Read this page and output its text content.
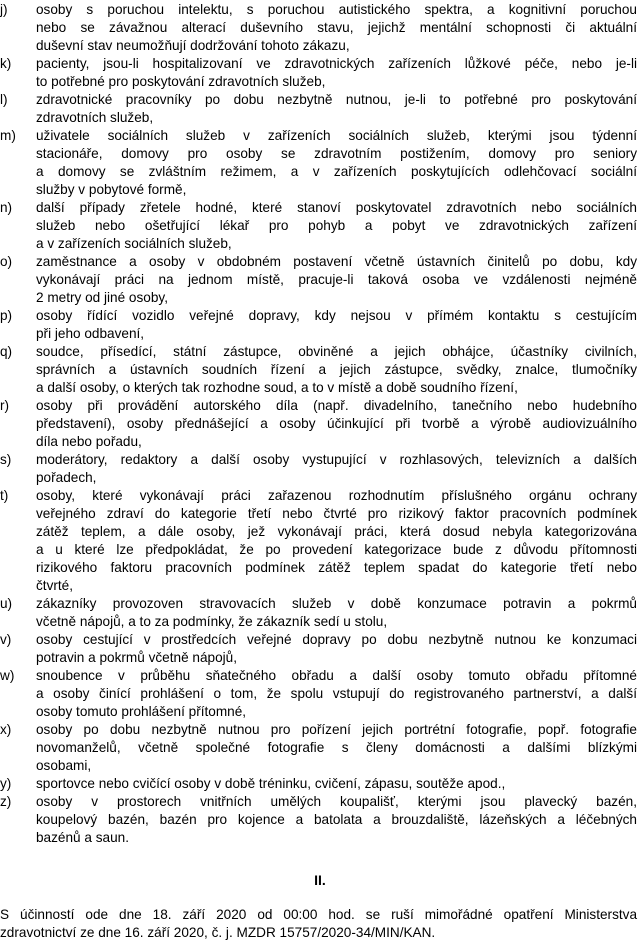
j) osoby s poruchou intelektu, s poruchou autistického spektra, a kognitivní poruchou
nebo se závažnou alterací duševního stavu, jejichž mentální schopnosti či aktuální
duševní stav neumožňují dodržování tohoto zákazu,
k) pacienty, jsou-li hospitalizovaní ve zdravotnických zařízeních lůžkové péče, nebo je-li
to potřebné pro poskytování zdravotních služeb,
l) zdravotnické pracovníky po dobu nezbytně nutnou, je-li to potřebné pro poskytování
zdravotních služeb,
m) uživatele sociálních služeb v zařízeních sociálních služeb, kterými jsou týdenní
stacionáře, domovy pro osoby se zdravotním postižením, domovy pro seniory
a domovy se zvláštním režimem, a v zařízeních poskytujících odlehčovací sociální
služby v pobytové formě,
n) další případy zřetele hodné, které stanoví poskytovatel zdravotních nebo sociálních
služeb nebo ošetřující lékař pro pohyb a pobyt ve zdravotnických zařízení
a v zařízeních sociálních služeb,
o) zaměstnance a osoby v obdobném postavení včetně ústavních činitelů po dobu, kdy
vykonávají práci na jednom místě, pracuje-li taková osoba ve vzdálenosti nejméně
2 metry od jiné osoby,
p) osoby řídící vozidlo veřejné dopravy, kdy nejsou v přímém kontaktu s cestujícím
při jeho odbavení,
q) soudce, přísedící, státní zástupce, obviněné a jejich obhájce, účastníky civilních,
správních a ústavních soudních řízení a jejich zástupce, svědky, znalce, tlumočníky
a další osoby, o kterých tak rozhodne soud, a to v místě a době soudního řízení,
r) osoby při provádění autorského díla (např. divadelního, tanečního nebo hudebního
představení), osoby přednášející a osoby účinkující při tvorbě a výrobě audiovizuálního
díla nebo pořadu,
s) moderátory, redaktory a další osoby vystupující v rozhlasových, televizních a dalších
pořadech,
t) osoby, které vykonávají práci zařazenou rozhodnutím příslušného orgánu ochrany
veřejného zdraví do kategorie třetí nebo čtvrté pro rizikový faktor pracovních podmínek
zátěž teplem, a dále osoby, jež vykonávají práci, která dosud nebyla kategorizována
a u které lze předpokládat, že po provedení kategorizace bude z důvodu přítomnosti
rizikového faktoru pracovních podmínek zátěž teplem spadat do kategorie třetí nebo
čtvrté,
u) zákazníky provozoven stravovacích služeb v době konzumace potravin a pokrmů
včetně nápojů, a to za podmínky, že zákazník sedí u stolu,
v) osoby cestující v prostředcích veřejné dopravy po dobu nezbytně nutnou ke konzumaci
potravin a pokrmů včetně nápojů,
w) snoubence v průběhu sňatečného obřadu a další osoby tomuto obřadu přítomné
a osoby činící prohlášení o tom, že spolu vstupují do registrovaného partnerství, a další
osoby tomuto prohlášení přítomné,
x) osoby po dobu nezbytně nutnou pro pořízení jejich portrétní fotografie, popř. fotografie
novomanželů, včetně společné fotografie s členy domácnosti a dalšími blízkými
osobami,
y) sportovce nebo cvičící osoby v době tréninku, cvičení, zápasu, soutěže apod.,
z) osoby v prostorech vnitřních umělých koupališť, kterými jsou plavecký bazén,
koupelový bazén, bazén pro kojence a batolata a brouzdaliště, lázeňských a léčebných
bazénů a saun.
II.
S účinností ode dne 18. září 2020 od 00:00 hod. se ruší mimořádné opatření Ministerstva
zdravotnictví ze dne 16. září 2020, č. j. MZDR 15757/2020-34/MIN/KAN.
